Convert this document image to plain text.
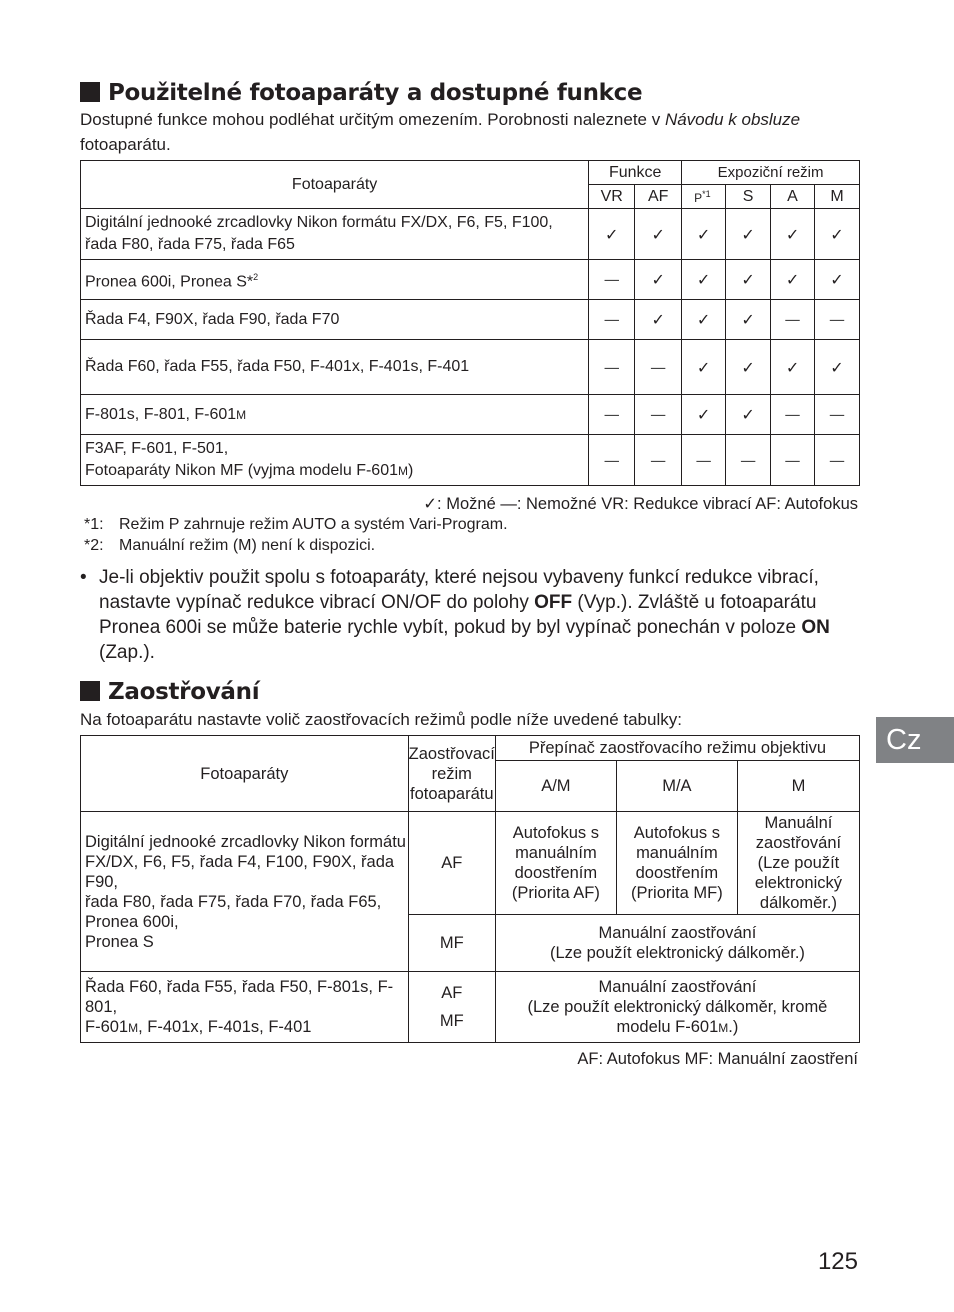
Použitelné fotoaparáty a dostupné funkce

Dostupné funkce mohou podléhat určitým omezením. Porobnosti naleznete v Návodu k obsluze
fotoaparátu.

Fotoaparáty	Funkce		Expoziční režim			
	VR	AF	$P^{*1}$	S	A	M
Digitální jednooké zrcadlovky Nikon formátu FX/DX, F6, F5, F100,
řada F80, řada F75, řada F65	✓	✓	✓	✓	✓	✓
Pronea 600i, Pronea S*$^2$	—	✓	✓	✓	✓	✓
Řada F4, F90X, řada F90, řada F70	—	✓	✓	✓	—	—
Řada F60, řada F55, řada F50, F-401x, F-401s, F-401	—	—	✓	✓	✓	✓
F-801s, F-801, F-601M	—	—	✓	✓	—	—
F3AF, F-601, F-501,
Fotoaparáty Nikon MF (vyjma modelu F-601M)	—	—	—	—	—	—

✓: Možné —: Nemožné VR: Redukce vibrací AF: Autofokus

*1: Režim P zahrnuje režim AUTO a systém Vari-Program.

*2: Manuální režim (M) není k dispozici.

• Je-li objektiv použit spolu s fotoaparáty, které nejsou vybaveny funkcí redukce vibrací, nastavte vypínač redukce vibrací ON/OF do polohy OFF (Vyp.). Zvláště u fotoaparátu Pronea 600i se může baterie rychle vybít, pokud by byl vypínač ponechán v poloze ON (Zap.).
Zaostřování

Na fotoaparátu nastavte volič zaostřovacích režimů podle níže uvedené tabulky:

Fotoaparáty	Zaostřovací
režim
fotoaparátu	Přepínač zaostřovacího režimu objektivu		
		A/M	M/A	M
Digitální jednooké zrcadlovky Nikon formátu
FX/DX, F6, F5, řada F4, F100, F90X, řada F90,
řada F80, řada F75, řada F70, řada F65, Pronea 600i,
Pronea S	AF	Autofokus s
manuálním
doostřením
(Priorita AF)	Autofokus s
manuálním
doostřením
(Priorita MF)	Manuální
zaostřování
(Lze použít
elektronický
dálkoměr.)
	MF	Manuální zaostřování
(Lze použít elektronický dálkoměr.)		
Řada F60, řada F55, řada F50, F-801s, F-801,
F-601M, F-401x, F-401s, F-401	AF
MF	Manuální zaostřování
(Lze použít elektronický dálkoměr, kromě
modelu F-601M.)		

AF: Autofokus MF: Manuální zaostření

Cz

125
